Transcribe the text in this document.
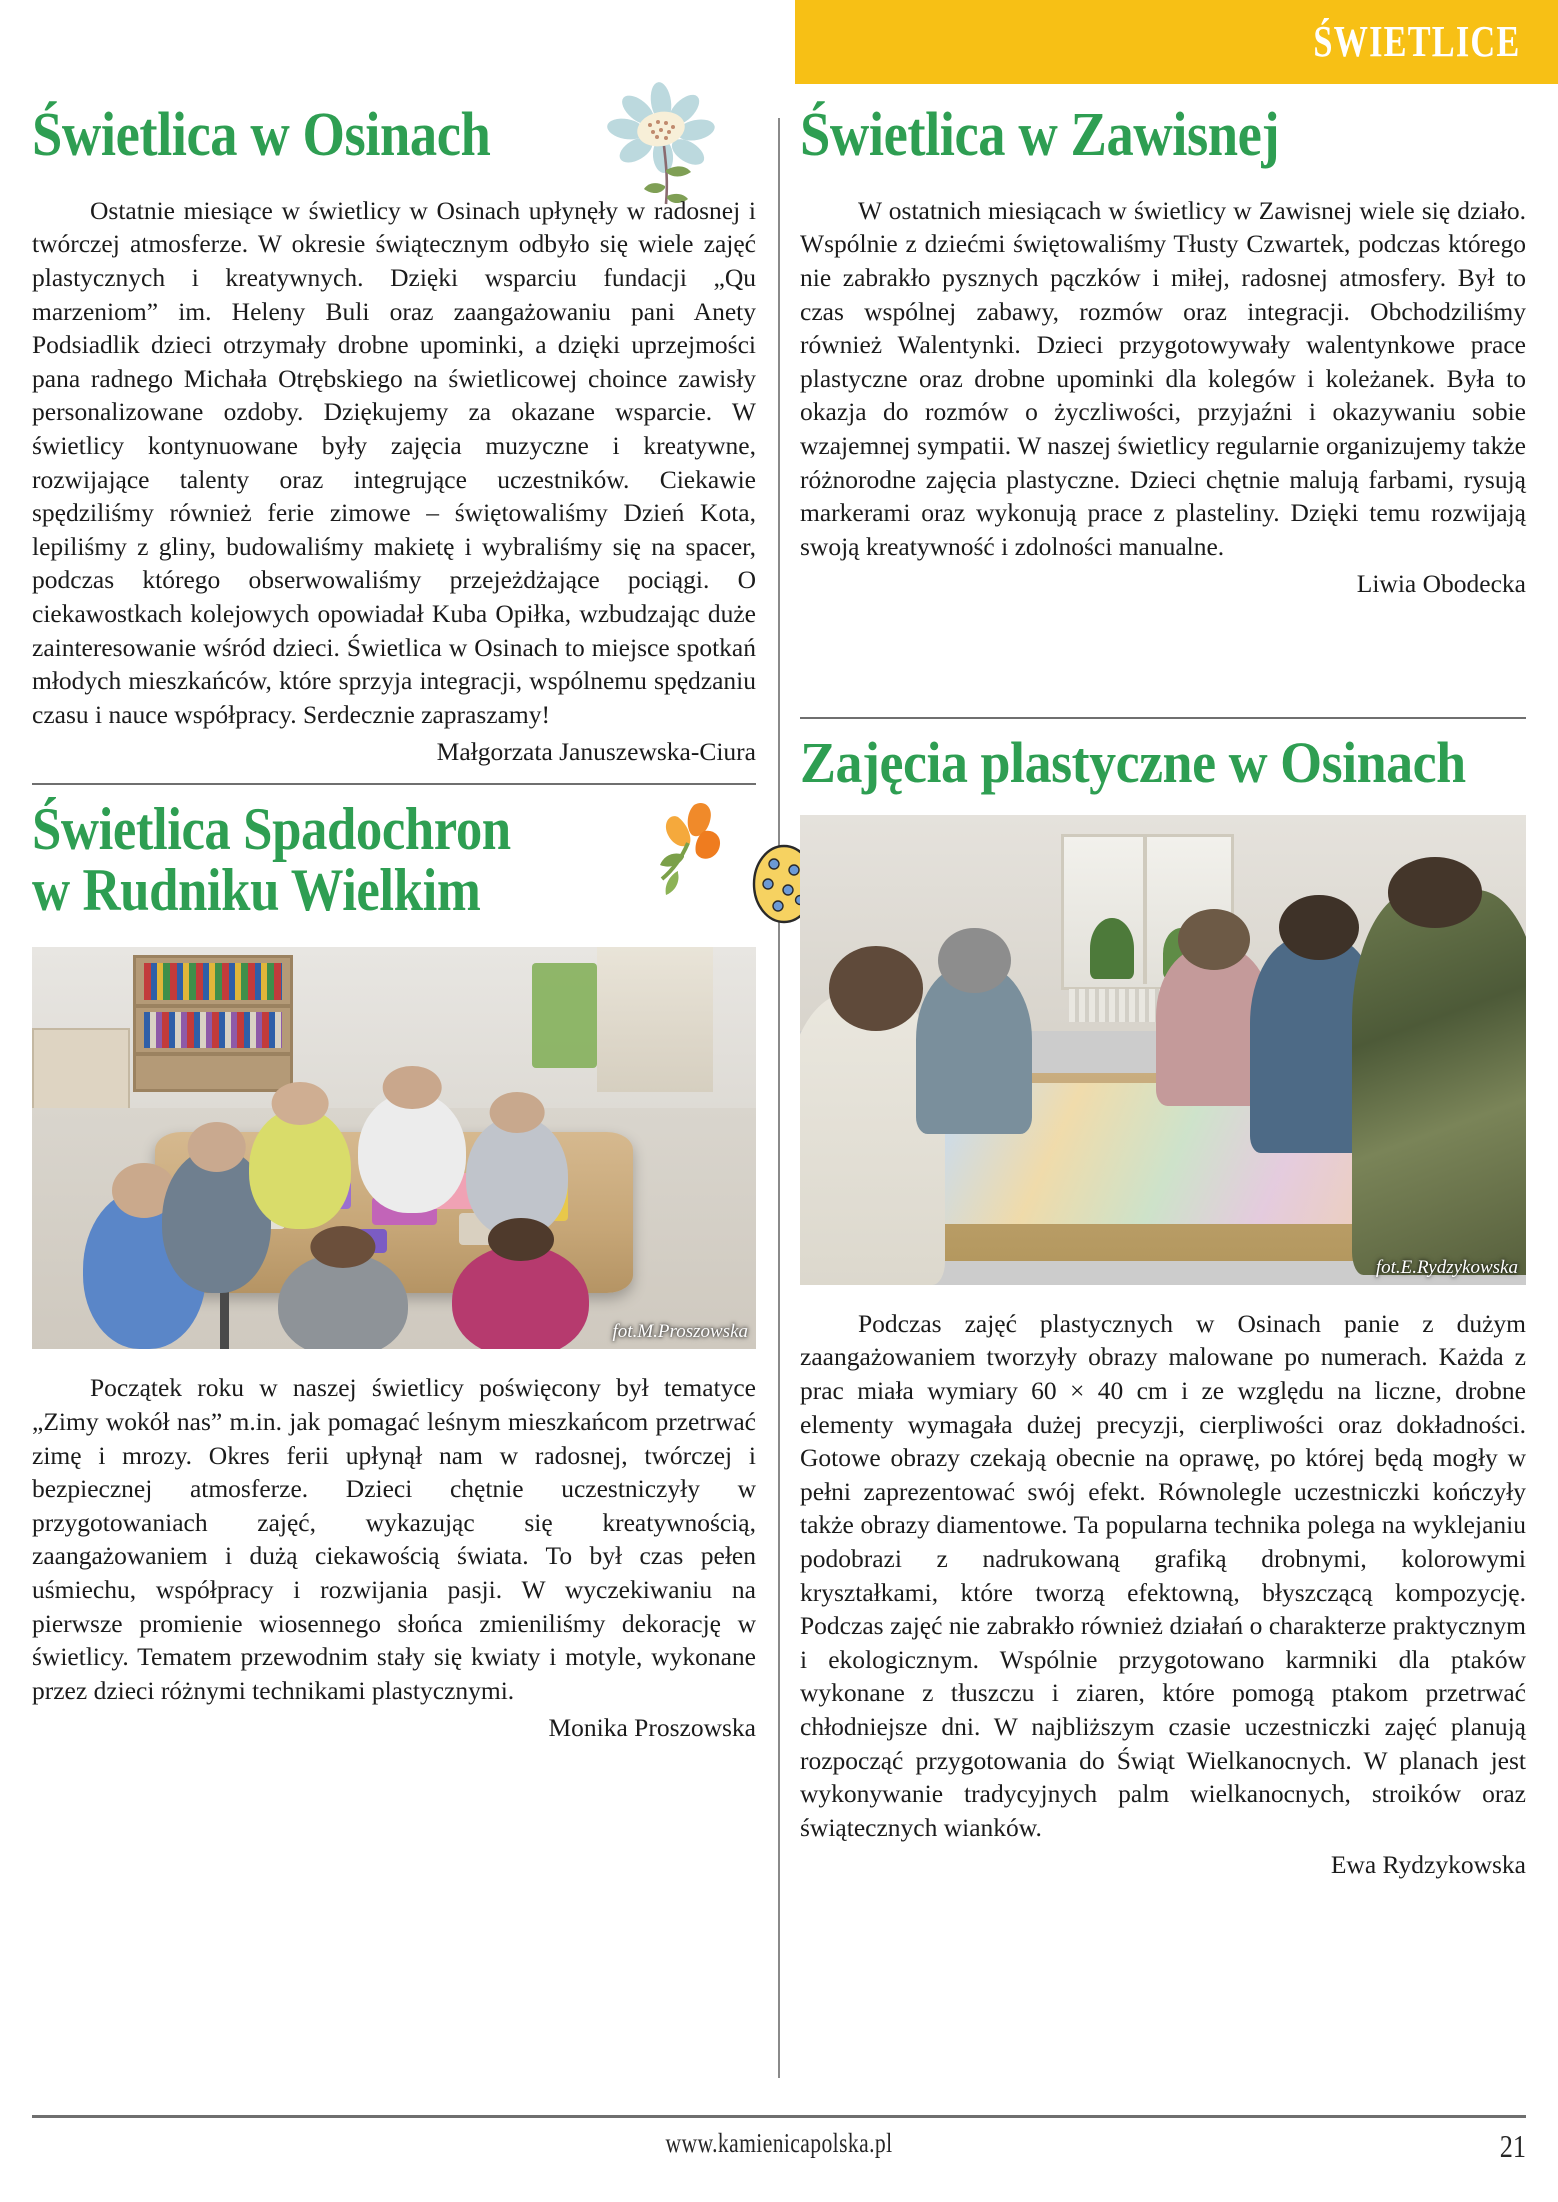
ŚWIETLICE
Świetlica w Osinach

Ostatnie miesiące w świetlicy w Osinach upłynęły w radosnej i twórczej atmosferze. W okresie świątecznym odbyło się wiele zajęć plastycznych i kreatywnych. Dzięki wsparciu fundacji „Qu marzeniom” im. Heleny Buli oraz zaangażowaniu pani Anety Podsiadlik dzieci otrzymały drobne upominki, a dzięki uprzejmości pana radnego Michała Otrębskiego na świetlicowej choince zawisły personalizowane ozdoby. Dziękujemy za okazane wsparcie. W świetlicy kontynuowane były zajęcia muzyczne i kreatywne, rozwijające talenty oraz integrujące uczestników. Ciekawie spędziliśmy również ferie zimowe – świętowaliśmy Dzień Kota, lepiliśmy z gliny, budowaliśmy makietę i wybraliśmy się na spacer, podczas którego obserwowaliśmy przejeżdżające pociągi. O ciekawostkach kolejowych opowiadał Kuba Opiłka, wzbudzając duże zainteresowanie wśród dzieci. Świetlica w Osinach to miejsce spotkań młodych mieszkańców, które sprzyja integracji, wspólnemu spędzaniu czasu i nauce współpracy. Serdecznie zapraszamy!

Małgorzata Januszewska-Ciura

Świetlica Spadochron
w Rudniku Wielkim
fot.M.Proszowska

Początek roku w naszej świetlicy poświęcony był tematyce „Zimy wokół nas” m.in. jak pomagać leśnym mieszkańcom przetrwać zimę i mrozy. Okres ferii upłynął nam w radosnej, twórczej i bezpiecznej atmosferze. Dzieci chętnie uczestniczyły w przygotowaniach zajęć, wykazując się kreatywnością, zaangażowaniem i dużą ciekawością świata. To był czas pełen uśmiechu, współpracy i rozwijania pasji. W wyczekiwaniu na pierwsze promienie wiosennego słońca zmieniliśmy dekorację w świetlicy. Tematem przewodnim stały się kwiaty i motyle, wykonane przez dzieci różnymi technikami plastycznymi.

Monika Proszowska

Świetlica w Zawisnej

W ostatnich miesiącach w świetlicy w Zawisnej wiele się działo. Wspólnie z dziećmi świętowaliśmy Tłusty Czwartek, podczas którego nie zabrakło pysznych pączków i miłej, radosnej atmosfery. Był to czas wspólnej zabawy, rozmów oraz integracji. Obchodziliśmy również Walentynki. Dzieci przygotowywały walentynkowe prace plastyczne oraz drobne upominki dla kolegów i koleżanek. Była to okazja do rozmów o życzliwości, przyjaźni i okazywaniu sobie wzajemnej sympatii. W naszej świetlicy regularnie organizujemy także różnorodne zajęcia plastyczne. Dzieci chętnie malują farbami, rysują markerami oraz wykonują prace z plasteliny. Dzięki temu rozwijają swoją kreatywność i zdolności manualne.

Liwia Obodecka

Zajęcia plastyczne w Osinach
fot.E.Rydzykowska

Podczas zajęć plastycznych w Osinach panie z dużym zaangażowaniem tworzyły obrazy malowane po numerach. Każda z prac miała wymiary 60 × 40 cm i ze względu na liczne, drobne elementy wymagała dużej precyzji, cierpliwości oraz dokładności. Gotowe obrazy czekają obecnie na oprawę, po której będą mogły w pełni zaprezentować swój efekt. Równolegle uczestniczki kończyły także obrazy diamentowe. Ta popularna technika polega na wyklejaniu podobrazi z nadrukowaną grafiką drobnymi, kolorowymi kryształkami, które tworzą efektowną, błyszczącą kompozycję. Podczas zajęć nie zabrakło również działań o charakterze praktycznym i ekologicznym. Wspólnie przygotowano karmniki dla ptaków wykonane z tłuszczu i ziaren, które pomogą ptakom przetrwać chłodniejsze dni. W najbliższym czasie uczestniczki zajęć planują rozpocząć przygotowania do Świąt Wielkanocnych. W planach jest wykonywanie tradycyjnych palm wielkanocnych, stroików oraz świątecznych wianków.

Ewa Rydzykowska

www.kamienicapolska.pl	21
